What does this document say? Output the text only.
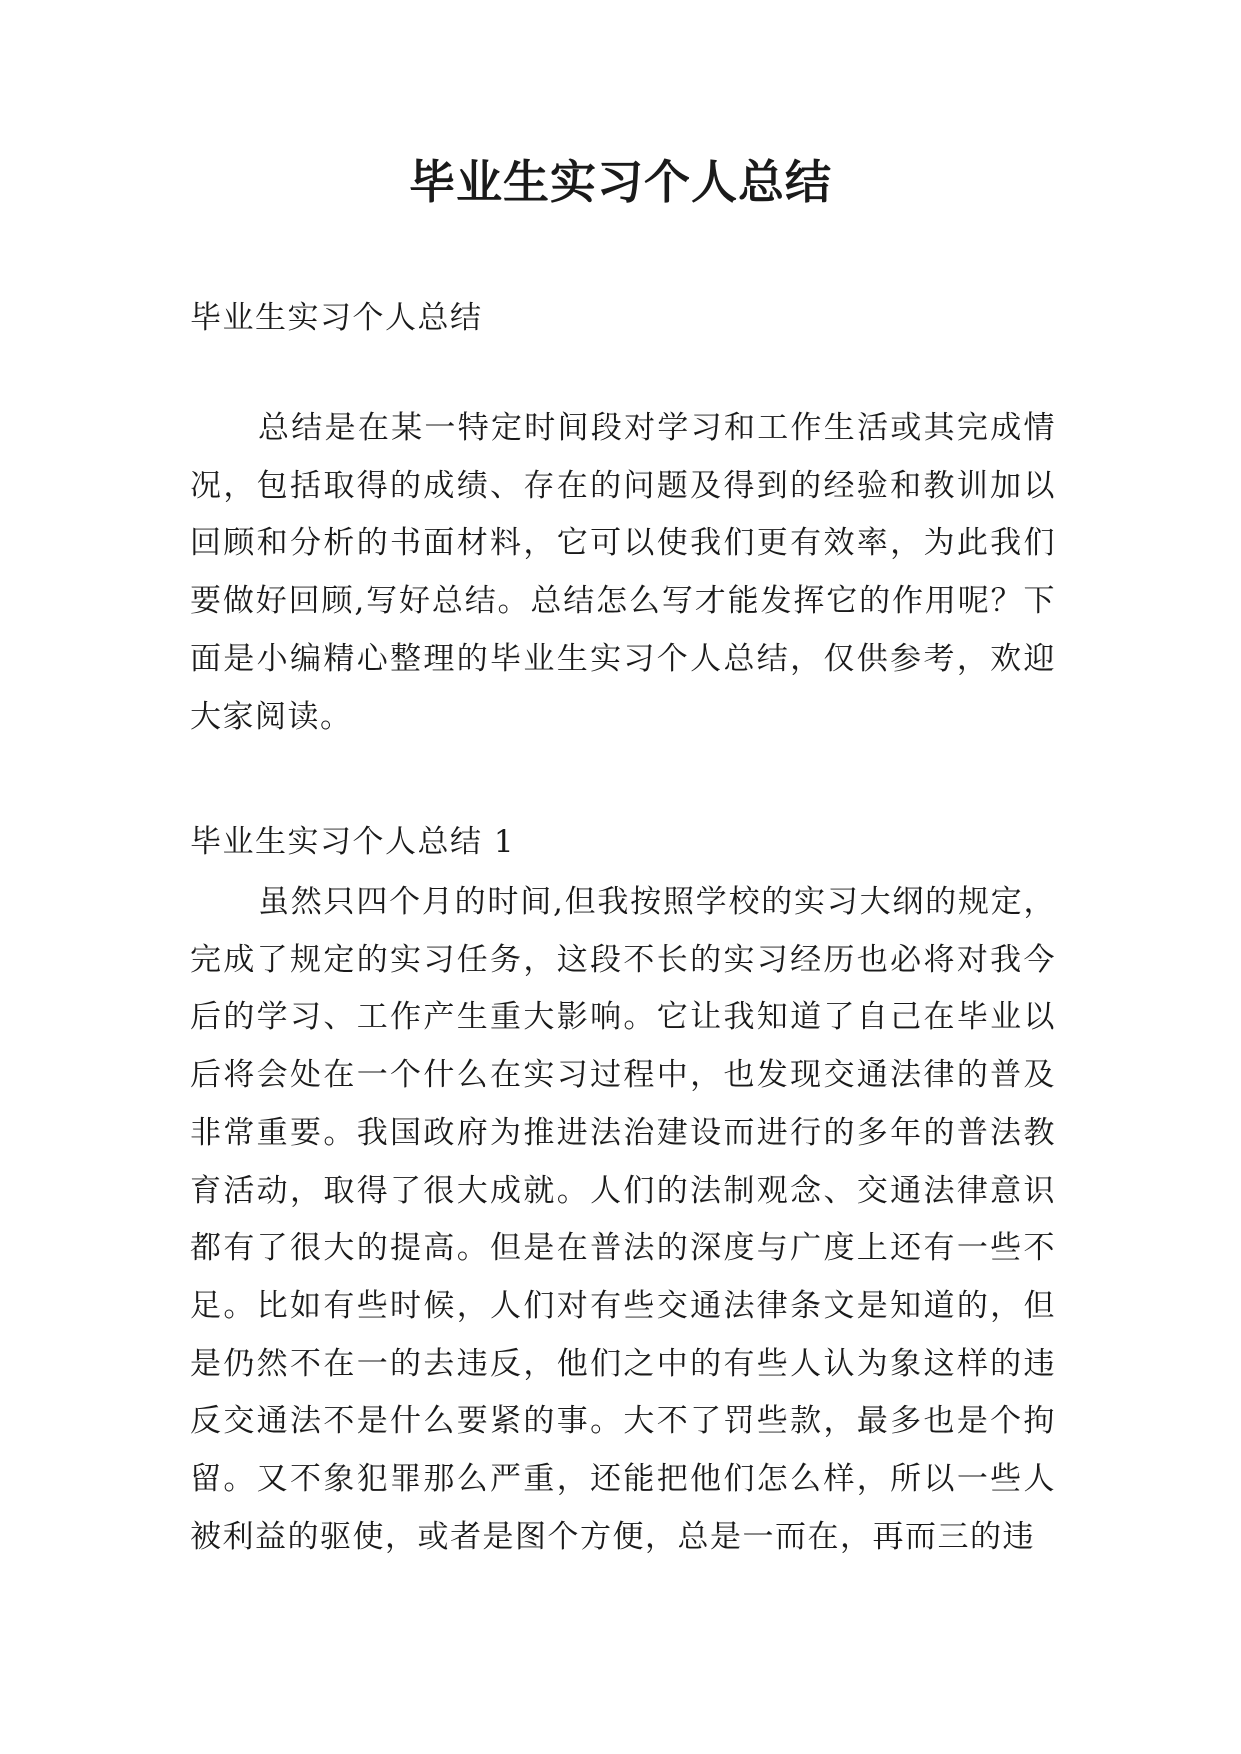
毕业生实习个人总结

毕业生实习个人总结

总结是在某一特定时间段对学习和工作生活或其完成情况，包括取得的成绩、存在的问题及得到的经验和教训加以回顾和分析的书面材料，它可以使我们更有效率，为此我们要做好回顾,写好总结。总结怎么写才能发挥它的作用呢？下面是小编精心整理的毕业生实习个人总结，仅供参考，欢迎大家阅读。

毕业生实习个人总结 1

虽然只四个月的时间,但我按照学校的实习大纲的规定，完成了规定的实习任务，这段不长的实习经历也必将对我今后的学习、工作产生重大影响。它让我知道了自己在毕业以后将会处在一个什么在实习过程中，也发现交通法律的普及非常重要。我国政府为推进法治建设而进行的多年的普法教育活动，取得了很大成就。人们的法制观念、交通法律意识都有了很大的提高。但是在普法的深度与广度上还有一些不足。比如有些时候，人们对有些交通法律条文是知道的，但是仍然不在一的去违反，他们之中的有些人认为象这样的违反交通法不是什么要紧的事。大不了罚些款，最多也是个拘留。又不象犯罪那么严重，还能把他们怎么样，所以一些人被利益的驱使，或者是图个方便，总是一而在，再而三的违
